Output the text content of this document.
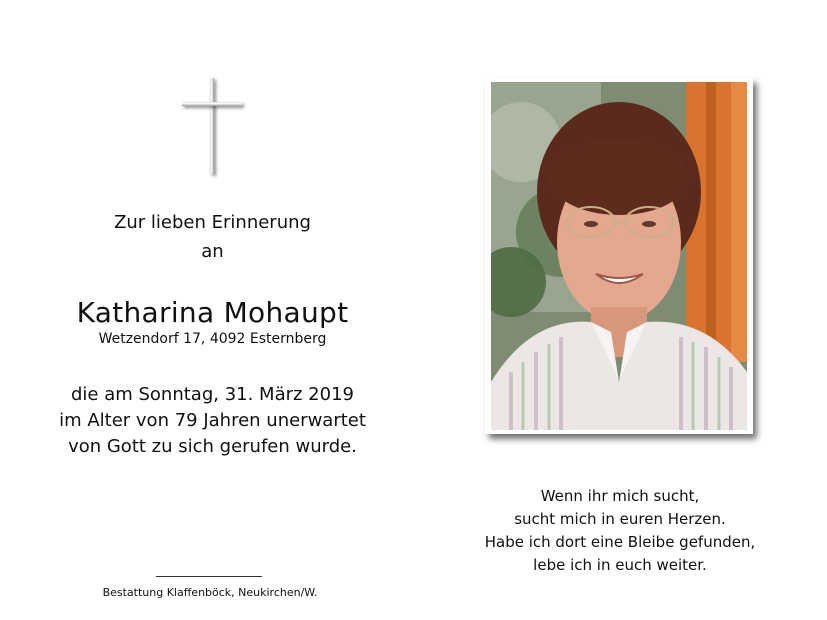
Zur lieben Erinnerung
an
Katharina Mohaupt
Wetzendorf 17, 4092 Esternberg
die am Sonntag, 31. März 2019
im Alter von 79 Jahren unerwartet
von Gott zu sich gerufen wurde.
Bestattung Klaffenböck, Neukirchen/W.
Wenn ihr mich sucht,
sucht mich in euren Herzen.
Habe ich dort eine Bleibe gefunden,
lebe ich in euch weiter.
